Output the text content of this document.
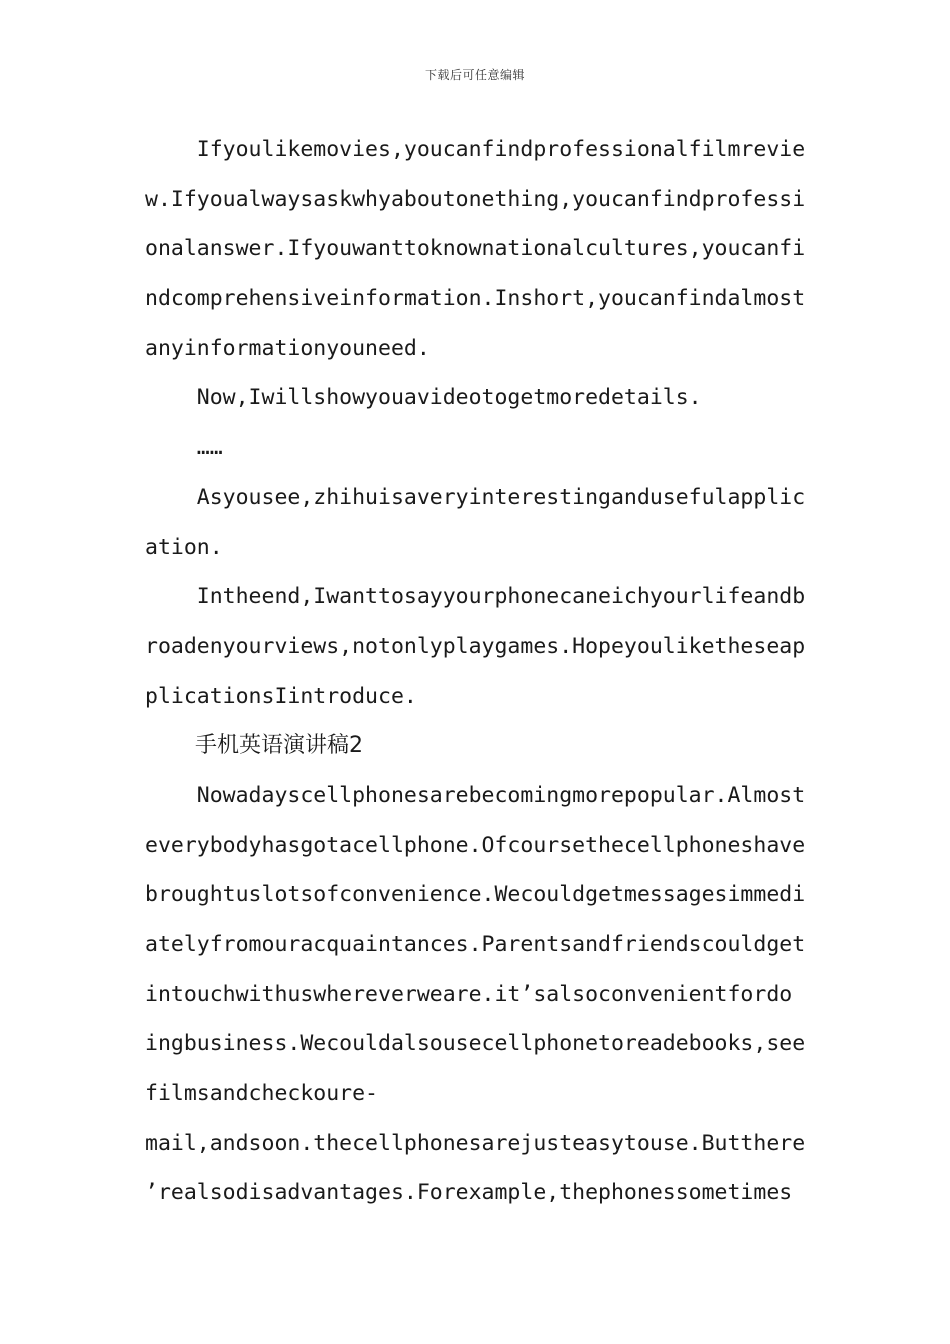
下载后可任意编辑
Ifyoulikemovies,youcanfindprofessionalfilmrevie
w.Ifyoualwaysaskwhyaboutonething,youcanfindprofessi
onalanswer.Ifyouwanttoknownationalcultures,youcanfi
ndcomprehensiveinformation.Inshort,youcanfindalmost
anyinformationyouneed.
Now,Iwillshowyouavideotogetmoredetails.
……
Asyousee,zhihuisaveryinterestingandusefulapplic
ation.
Intheend,Iwanttosayyourphonecaneichyourlifeandb
roadenyourviews,notonlyplaygames.Hopeyouliketheseap
plicationsIintroduce.
手机英语演讲稿2
Nowadayscellphonesarebecomingmorepopular.Almost
everybodyhasgotacellphone.Ofcoursethecellphoneshave
broughtuslotsofconvenience.Wecouldgetmessagesimmedi
atelyfromouracquaintances.Parentsandfriendscouldget
intouchwithuswhereverweare.it’salsoconvenientfordo
ingbusiness.Wecouldalsousecellphonetoreadebooks,see
filmsandcheckoure-
mail,andsoon.thecellphonesarejusteasytouse.Butthere
’realsodisadvantages.Forexample,thephonessometimes
